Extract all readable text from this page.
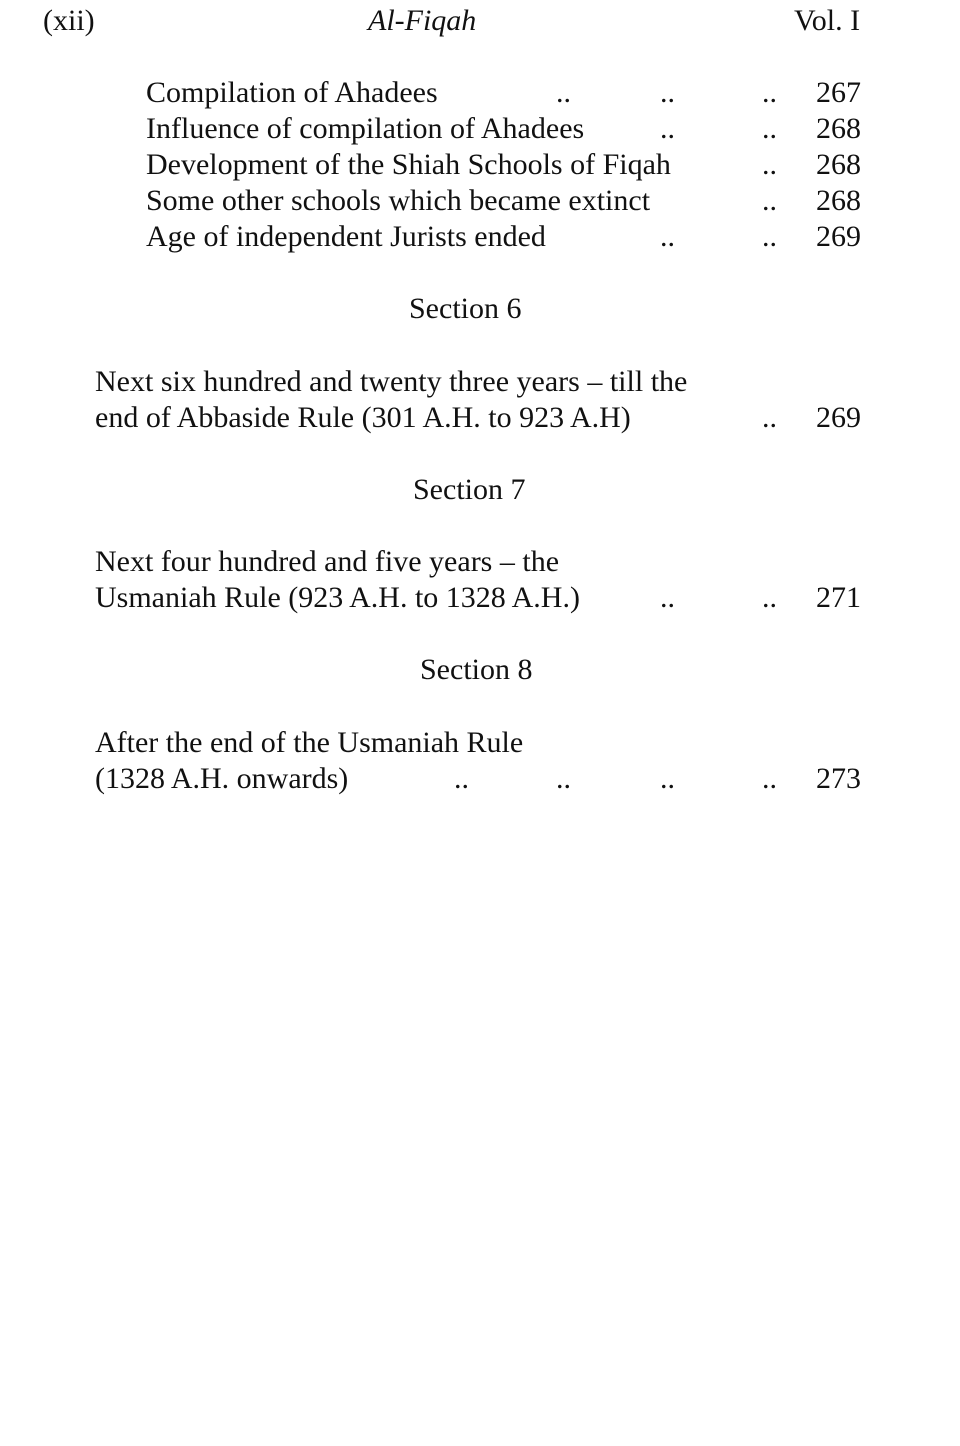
(xii)	Al-Fiqah	Vol. I
Compilation of Ahadees	..	..	.. 267
Influence of compilation of Ahadees	..	.. 268
Development of the Shiah Schools of Fiqah	.. 268
Some other schools which became extinct	.. 268
Age of independent Jurists ended	..	.. 269
Section 6
Next six hundred and twenty three years – till the
end of Abbaside Rule (301 A.H. to 923 A.H)	.. 269
Section 7
Next four hundred and five years – the
Usmaniah Rule (923 A.H. to 1328 A.H.)	..	.. 271
Section 8
After the end of the Usmaniah Rule
(1328 A.H. onwards)	..	..	..	.. 273
